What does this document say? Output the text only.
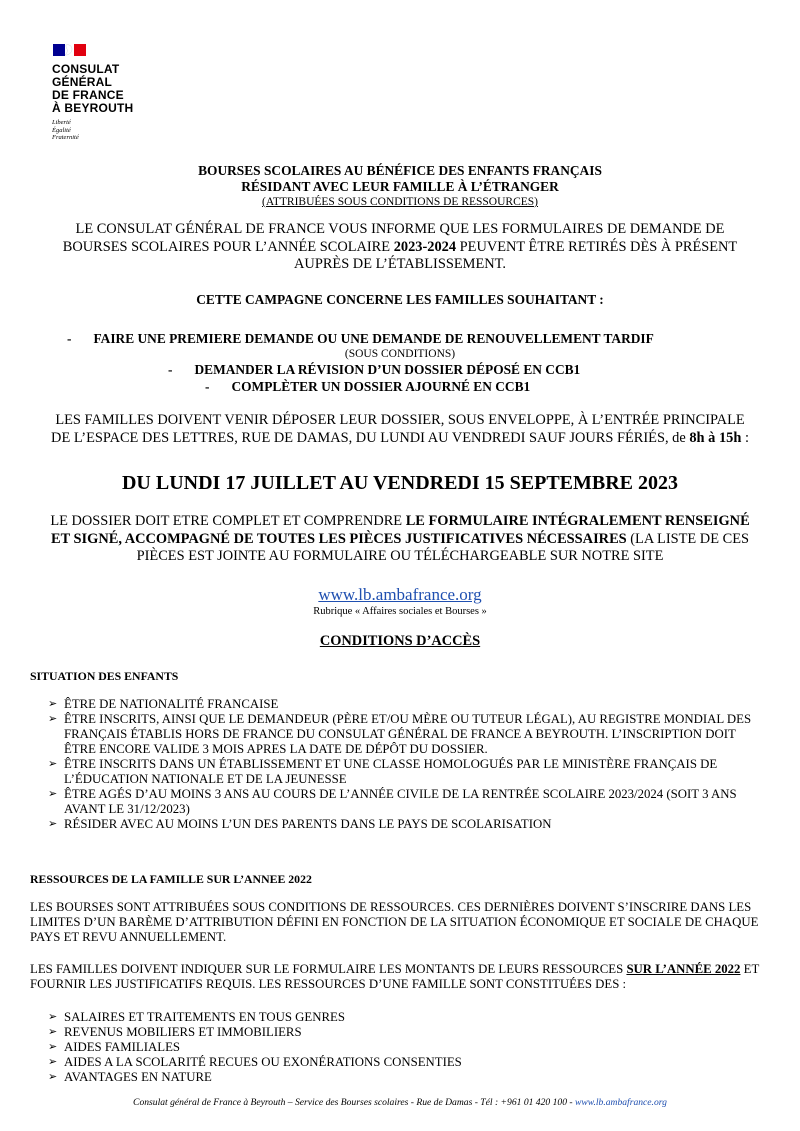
CONSULAT
GÉNÉRAL
DE FRANCE
À BEYROUTH
Liberté
Égalité
Fraternité
BOURSES SCOLAIRES AU BÉNÉFICE DES ENFANTS FRANÇAIS
RÉSIDANT AVEC LEUR FAMILLE À L’ÉTRANGER
(ATTRIBUÉES SOUS CONDITIONS DE RESSOURCES)
LE CONSULAT GÉNÉRAL DE FRANCE VOUS INFORME QUE LES FORMULAIRES DE DEMANDE DE
BOURSES SCOLAIRES POUR L’ANNÉE SCOLAIRE 2023-2024 PEUVENT ÊTRE RETIRÉS DÈS À PRÉSENT
AUPRÈS DE L’ÉTABLISSEMENT.
CETTE CAMPAGNE CONCERNE LES FAMILLES SOUHAITANT :
- FAIRE UNE PREMIERE DEMANDE OU UNE DEMANDE DE RENOUVELLEMENT TARDIF
(SOUS CONDITIONS)
- DEMANDER LA RÉVISION D’UN DOSSIER DÉPOSÉ EN CCB1
- COMPLÈTER UN DOSSIER AJOURNÉ EN CCB1
LES FAMILLES DOIVENT VENIR DÉPOSER LEUR DOSSIER, SOUS ENVELOPPE, À L’ENTRÉE PRINCIPALE
DE L’ESPACE DES LETTRES, RUE DE DAMAS, DU LUNDI AU VENDREDI SAUF JOURS FÉRIÉS, de 8h à 15h :
DU LUNDI 17 JUILLET AU VENDREDI 15 SEPTEMBRE 2023
LE DOSSIER DOIT ETRE COMPLET ET COMPRENDRE LE FORMULAIRE INTÉGRALEMENT RENSEIGNÉ
ET SIGNÉ, ACCOMPAGNÉ DE TOUTES LES PIÈCES JUSTIFICATIVES NÉCESSAIRES (LA LISTE DE CES
PIÈCES EST JOINTE AU FORMULAIRE OU TÉLÉCHARGEABLE SUR NOTRE SITE
www.lb.ambafrance.org
Rubrique « Affaires sociales et Bourses »
CONDITIONS D’ACCÈS
SITUATION DES ENFANTS
➢ ÊTRE DE NATIONALITÉ FRANCAISE
➢ ÊTRE INSCRITS, AINSI QUE LE DEMANDEUR (PÈRE ET/OU MÈRE OU TUTEUR LÉGAL), AU REGISTRE MONDIAL DES FRANÇAIS ÉTABLIS HORS DE FRANCE DU CONSULAT GÉNÉRAL DE FRANCE A BEYROUTH. L’INSCRIPTION DOIT ÊTRE ENCORE VALIDE 3 MOIS APRES LA DATE DE DÉPÔT DU DOSSIER.
➢ ÊTRE INSCRITS DANS UN ÉTABLISSEMENT ET UNE CLASSE HOMOLOGUÉS PAR LE MINISTÈRE FRANÇAIS DE L’ÉDUCATION NATIONALE ET DE LA JEUNESSE
➢ ÊTRE AGÉS D’AU MOINS 3 ANS AU COURS DE L’ANNÉE CIVILE DE LA RENTRÉE SCOLAIRE 2023/2024 (SOIT 3 ANS AVANT LE 31/12/2023)
➢ RÉSIDER AVEC AU MOINS L’UN DES PARENTS DANS LE PAYS DE SCOLARISATION
RESSOURCES DE LA FAMILLE SUR L’ANNEE 2022
LES BOURSES SONT ATTRIBUÉES SOUS CONDITIONS DE RESSOURCES. CES DERNIÈRES DOIVENT S’INSCRIRE DANS LES LIMITES D’UN BARÈME D’ATTRIBUTION DÉFINI EN FONCTION DE LA SITUATION ÉCONOMIQUE ET SOCIALE DE CHAQUE PAYS ET REVU ANNUELLEMENT.
LES FAMILLES DOIVENT INDIQUER SUR LE FORMULAIRE LES MONTANTS DE LEURS RESSOURCES SUR L’ANNÉE 2022 ET FOURNIR LES JUSTIFICATIFS REQUIS. LES RESSOURCES D’UNE FAMILLE SONT CONSTITUÉES DES :
➢ SALAIRES ET TRAITEMENTS EN TOUS GENRES
➢ REVENUS MOBILIERS ET IMMOBILIERS
➢ AIDES FAMILIALES
➢ AIDES A LA SCOLARITÉ RECUES OU EXONÉRATIONS CONSENTIES
➢ AVANTAGES EN NATURE
Consulat général de France à Beyrouth – Service des Bourses scolaires - Rue de Damas - Tél : +961 01 420 100 - www.lb.ambafrance.org
